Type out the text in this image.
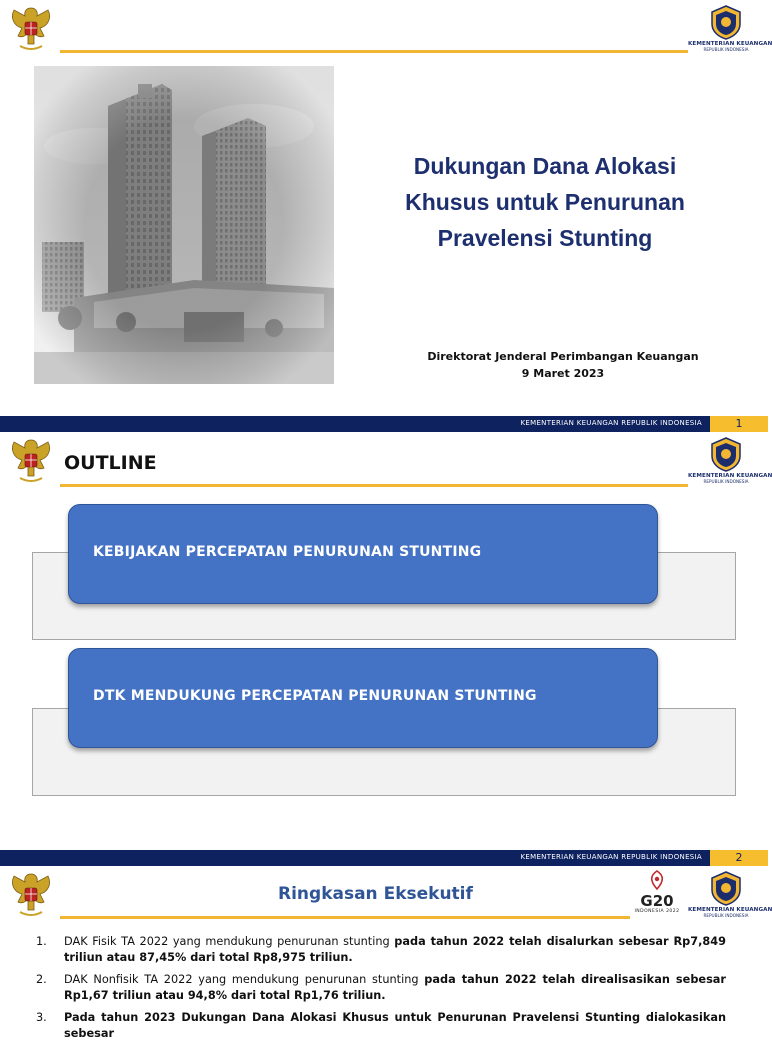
KEMENTERIAN KEUANGAN
REPUBLIK INDONESIA
Dukungan Dana Alokasi
Khusus untuk Penurunan
Pravelensi Stunting
Direktorat Jenderal Perimbangan Keuangan
9 Maret 2023
KEMENTERIAN KEUANGAN REPUBLIK INDONESIA	1
OUTLINE
KEMENTERIAN KEUANGAN
REPUBLIK INDONESIA
KEBIJAKAN PERCEPATAN PENURUNAN STUNTING
DTK MENDUKUNG PERCEPATAN PENURUNAN STUNTING
KEMENTERIAN KEUANGAN REPUBLIK INDONESIA	2
Ringkasan Eksekutif	G20
INDONESIA 2022 KEMENTERIAN KEUANGAN
REPUBLIK INDONESIA
1. DAK Fisik TA 2022 yang mendukung penurunan stunting pada tahun 2022 telah disalurkan sebesar Rp7,849 triliun atau 87,45% dari total Rp8,975 triliun.
2. DAK Nonfisik TA 2022 yang mendukung penurunan stunting pada tahun 2022 telah direalisasikan sebesar Rp1,67 triliun atau 94,8% dari total Rp1,76 triliun.
3. Pada tahun 2023 Dukungan Dana Alokasi Khusus untuk Penurunan Pravelensi Stunting dialokasikan sebesar
